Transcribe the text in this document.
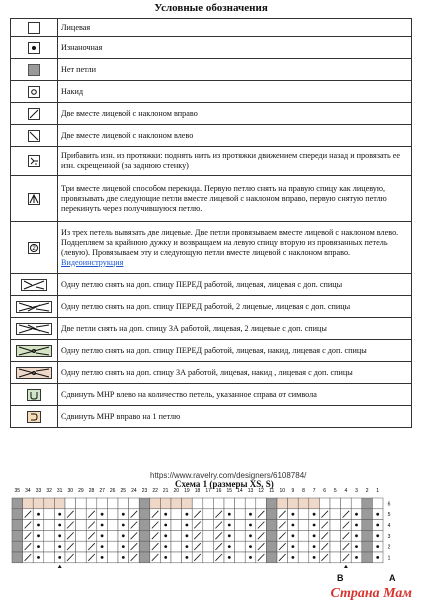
Условные обозначения
	Лицевая

	Изнаночная

	Нет петли

	Накид

	Две вместе лицевой с наклоном вправо

	Две вместе лицевой с наклоном влево

	Прибавить изн. из протяжки: поднять нить из протяжки движением спереди назад и провязать ее изн. скрещенной (за заднюю стенку)

	Три вместе лицевой способом перекида. Первую петлю снять на правую спицу как лицевую, провязывать две следующие петли вместе лицевой с наклоном вправо, первую снятую петлю перекинуть через получившуюся петлю.

2	Из трех петель вывязать две лицевые. Две петли провязываем вместе лицевой с наклоном влево. Подцепляем за крайнюю дужку и возвращаем на левую спицу вторую из провязанных петель (левую). Провязываем эту и следующую петли вместе лицевой с наклоном вправо. Видеоинструкция

	Одну петлю снять на доп. спицу ПЕРЕД работой, лицевая, лицевая с доп. спицы

	Одну петлю снять на доп. спицу ПЕРЕД работой, 2 лицевые, лицевая с доп. спицы

	Две петли снять на доп. спицу ЗА работой, лицевая, 2 лицевые с доп. спицы

	Одну петлю снять на доп. спицу ПЕРЕД работой, лицевая, накид, лицевая с доп. спицы

	Одну петлю снять на доп. спицу ЗА работой, лицевая, накид , лицевая с доп. спицы

	Сдвинуть МНР влево на количество петель, указанное справа от символа

	Сдвинуть МНР вправо на 1 петлю
https://www.ravelry.com/designers/6108784/
Схема 1 (размеры XS, S)
35 34 33 32 31 30 29 28 27 26 25 24 23 22 21 20 19 18 17 16 15 14 13 12 11 10 9 8 7 6 5 4 3 2 1
6
5
4
3
2
1
B	A
Страна Мам
